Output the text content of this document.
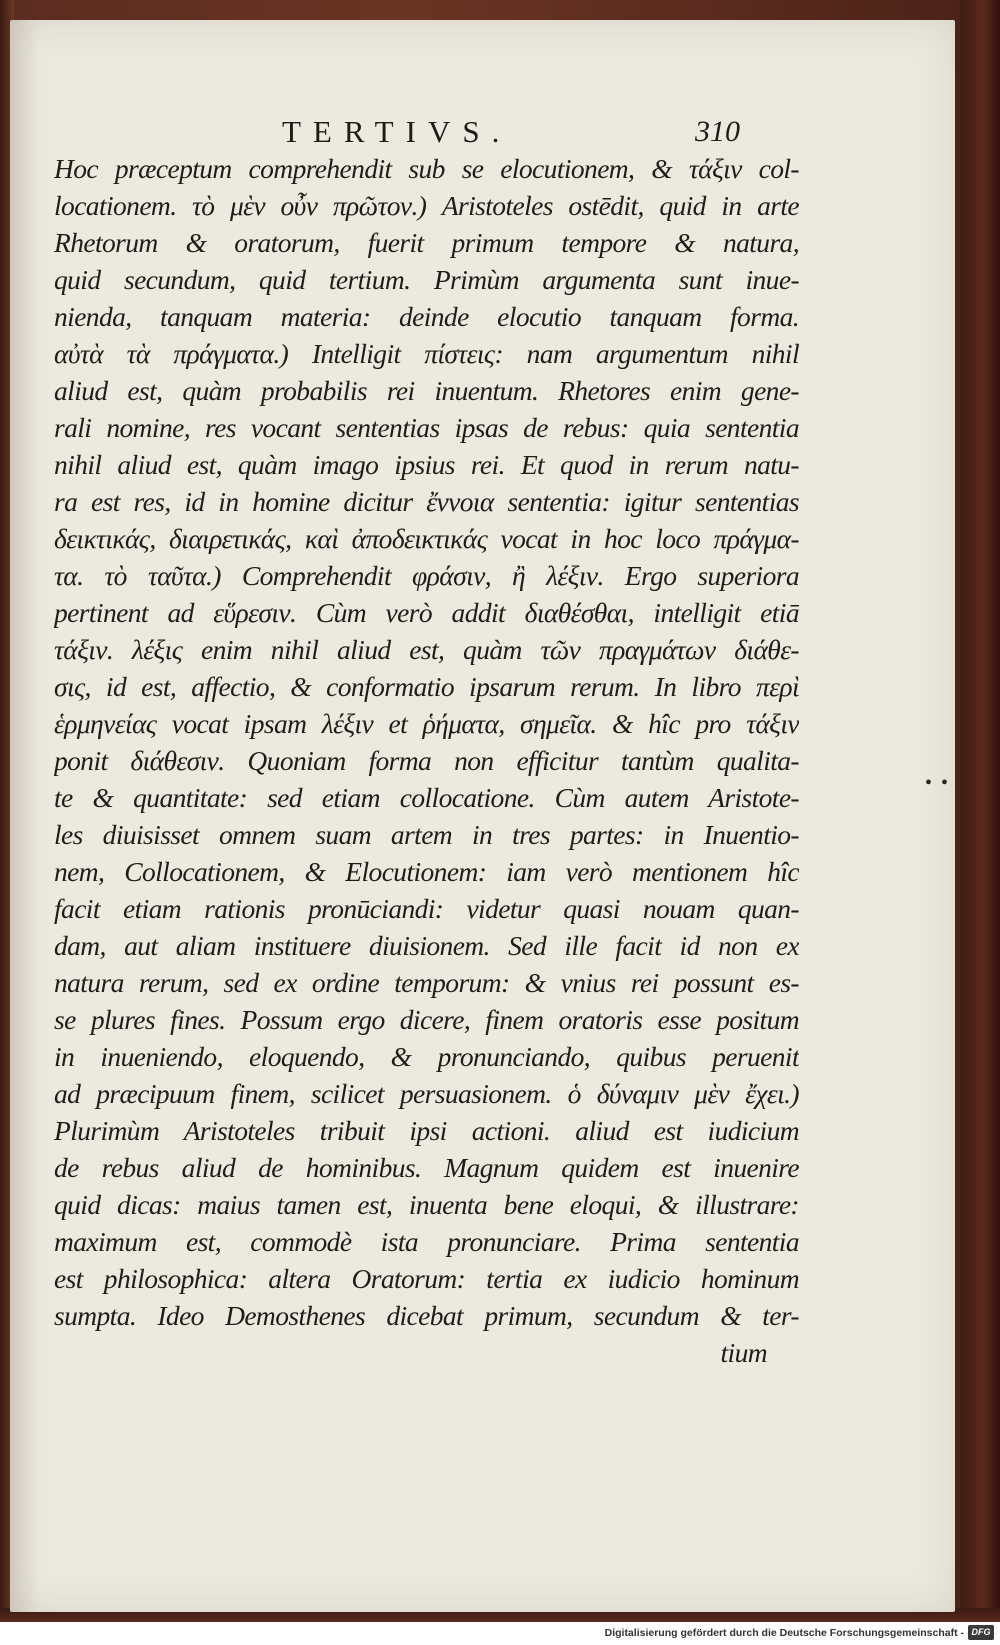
TERTIVS.	310
Hoc præceptum comprehendit sub se elocutionem, & τάξιν col-
locationem. τὸ μὲν οὖν πρῶτον.) Aristoteles ostēdit, quid in arte
Rhetorum & oratorum, fuerit primum tempore & natura,
quid secundum, quid tertium. Primùm argumenta sunt inue-
nienda, tanquam materia: deinde elocutio tanquam forma.
αὐτὰ τὰ πράγματα.) Intelligit πίστεις: nam argumentum nihil
aliud est, quàm probabilis rei inuentum. Rhetores enim gene-
rali nomine, res vocant sententias ipsas de rebus: quia sententia
nihil aliud est, quàm imago ipsius rei. Et quod in rerum natu-
ra est res, id in homine dicitur ἔννοια sententia: igitur sententias
δεικτικάς, διαιρετικάς, καὶ ἀποδεικτικάς vocat in hoc loco πράγμα-
τα. τὸ ταῦτα.) Comprehendit φράσιν, ἢ λέξιν. Ergo superiora
pertinent ad εὕρεσιν. Cùm verò addit διαθέσθαι, intelligit etiā
τάξιν. λέξις enim nihil aliud est, quàm τῶν πραγμάτων διάθε-
σις, id est, affectio, & conformatio ipsarum rerum. In libro περὶ
ἑρμηνείας vocat ipsam λέξιν et ῥήματα, σημεῖα. & hîc pro τάξιν
ponit διάθεσιν. Quoniam forma non efficitur tantùm qualita-
te & quantitate: sed etiam collocatione. Cùm autem Aristote-
les diuisisset omnem suam artem in tres partes: in Inuentio-
nem, Collocationem, & Elocutionem: iam verò mentionem hîc
facit etiam rationis pronūciandi: videtur quasi nouam quan-
dam, aut aliam instituere diuisionem. Sed ille facit id non ex
natura rerum, sed ex ordine temporum: & vnius rei possunt es-
se plures fines. Possum ergo dicere, finem oratoris esse positum
in inueniendo, eloquendo, & pronunciando, quibus peruenit
ad præcipuum finem, scilicet persuasionem. ὁ δύναμιν μὲν ἔχει.)
Plurimùm Aristoteles tribuit ipsi actioni. aliud est iudicium
de rebus aliud de hominibus. Magnum quidem est inuenire
quid dicas: maius tamen est, inuenta bene eloqui, & illustrare:
maximum est, commodè ista pronunciare. Prima sententia
est philosophica: altera Oratorum: tertia ex iudicio hominum
sumpta. Ideo Demosthenes dicebat primum, secundum & ter-
tium
• •
Digitalisierung gefördert durch die Deutsche Forschungsgemeinschaft - DFG
